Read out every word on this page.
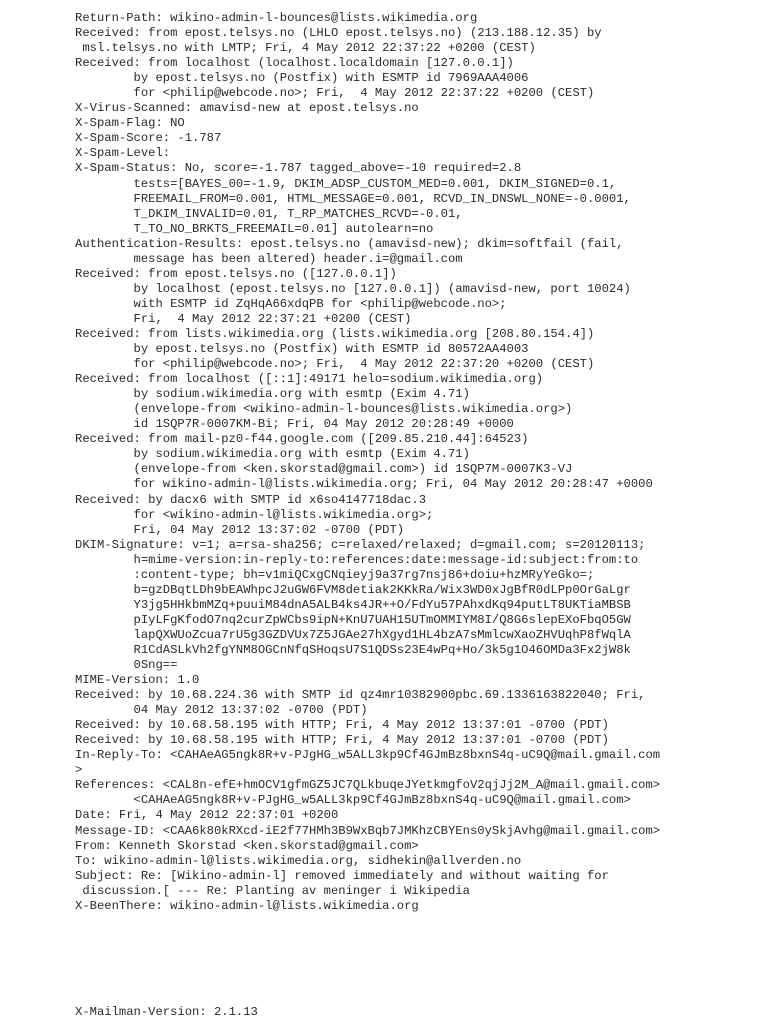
Return-Path: wikino-admin-l-bounces@lists.wikimedia.org
Received: from epost.telsys.no (LHLO epost.telsys.no) (213.188.12.35) by
msl.telsys.no with LMTP; Fri, 4 May 2012 22:37:22 +0200 (CEST)
Received: from localhost (localhost.localdomain [127.0.0.1])
by epost.telsys.no (Postfix) with ESMTP id 7969AAA4006
for <philip@webcode.no>; Fri,  4 May 2012 22:37:22 +0200 (CEST)
X-Virus-Scanned: amavisd-new at epost.telsys.no
X-Spam-Flag: NO
X-Spam-Score: -1.787
X-Spam-Level:
X-Spam-Status: No, score=-1.787 tagged_above=-10 required=2.8
tests=[BAYES_00=-1.9, DKIM_ADSP_CUSTOM_MED=0.001, DKIM_SIGNED=0.1,
FREEMAIL_FROM=0.001, HTML_MESSAGE=0.001, RCVD_IN_DNSWL_NONE=-0.0001,
T_DKIM_INVALID=0.01, T_RP_MATCHES_RCVD=-0.01,
T_TO_NO_BRKTS_FREEMAIL=0.01] autolearn=no
Authentication-Results: epost.telsys.no (amavisd-new); dkim=softfail (fail,
message has been altered) header.i=@gmail.com
Received: from epost.telsys.no ([127.0.0.1])
by localhost (epost.telsys.no [127.0.0.1]) (amavisd-new, port 10024)
with ESMTP id ZqHqA66xdqPB for <philip@webcode.no>;
Fri,  4 May 2012 22:37:21 +0200 (CEST)
Received: from lists.wikimedia.org (lists.wikimedia.org [208.80.154.4])
by epost.telsys.no (Postfix) with ESMTP id 80572AA4003
for <philip@webcode.no>; Fri,  4 May 2012 22:37:20 +0200 (CEST)
Received: from localhost ([::1]:49171 helo=sodium.wikimedia.org)
by sodium.wikimedia.org with esmtp (Exim 4.71)
(envelope-from <wikino-admin-l-bounces@lists.wikimedia.org>)
id 1SQP7R-0007KM-Bi; Fri, 04 May 2012 20:28:49 +0000
Received: from mail-pz0-f44.google.com ([209.85.210.44]:64523)
by sodium.wikimedia.org with esmtp (Exim 4.71)
(envelope-from <ken.skorstad@gmail.com>) id 1SQP7M-0007K3-VJ
for wikino-admin-l@lists.wikimedia.org; Fri, 04 May 2012 20:28:47 +0000
Received: by dacx6 with SMTP id x6so4147718dac.3
for <wikino-admin-l@lists.wikimedia.org>;
Fri, 04 May 2012 13:37:02 -0700 (PDT)
DKIM-Signature: v=1; a=rsa-sha256; c=relaxed/relaxed; d=gmail.com; s=20120113;
h=mime-version:in-reply-to:references:date:message-id:subject:from:to
:content-type; bh=v1miQCxgCNqieyj9a37rg7nsj86+doiu+hzMRyYeGko=;
b=gzDBqtLDh9bEAWhpcJ2uGW6FVM8detiak2KKkRa/Wix3WD0xJgBfR0dLPp0OrGaLgr
Y3jg5HHkbmMZq+puuiM84dnA5ALB4ks4JR++O/FdYu57PAhxdKq94putLT8UKTiaMBSB
pIyLFgKfodO7nq2curZpWCbs9ipN+KnU7UAH15UTmOMMIYM8I/Q8G6slepEXoFbqO5GW
lapQXWUoZcua7rU5g3GZDVUx7Z5JGAe27hXgyd1HL4bzA7sMmlcwXaoZHVUqhP8fWqlA
R1CdASLkVh2fgYNM8OGCnNfqSHoqsU7S1QDSs23E4wPq+Ho/3k5g1O46OMDa3Fx2jW8k
0Sng==
MIME-Version: 1.0
Received: by 10.68.224.36 with SMTP id qz4mr10382900pbc.69.1336163822040; Fri,
04 May 2012 13:37:02 -0700 (PDT)
Received: by 10.68.58.195 with HTTP; Fri, 4 May 2012 13:37:01 -0700 (PDT)
Received: by 10.68.58.195 with HTTP; Fri, 4 May 2012 13:37:01 -0700 (PDT)
In-Reply-To: <CAHAeAG5ngk8R+v-PJgHG_w5ALL3kp9Cf4GJmBz8bxnS4q-uC9Q@mail.gmail.com
>
References: <CAL8n-efE+hmOCV1gfmGZ5JC7QLkbuqeJYetkmgfoV2qjJj2M_A@mail.gmail.com>
<CAHAeAG5ngk8R+v-PJgHG_w5ALL3kp9Cf4GJmBz8bxnS4q-uC9Q@mail.gmail.com>
Date: Fri, 4 May 2012 22:37:01 +0200
Message-ID: <CAA6k80kRXcd-iE2f77HMh3B9WxBqb7JMKhzCBYEns0ySkjAvhg@mail.gmail.com>
From: Kenneth Skorstad <ken.skorstad@gmail.com>
To: wikino-admin-l@lists.wikimedia.org, sidhekin@allverden.no
Subject: Re: [Wikino-admin-l] removed immediately and without waiting for
discussion.[ --- Re: Planting av meninger i Wikipedia
X-BeenThere: wikino-admin-l@lists.wikimedia.org
X-Mailman-Version: 2.1.13
